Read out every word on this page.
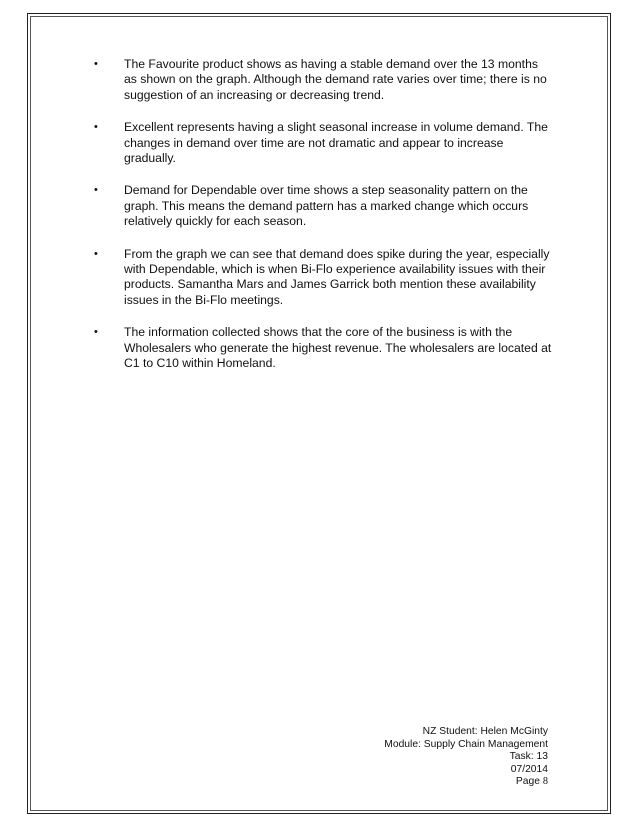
• The Favourite product shows as having a stable demand over the 13 months as shown on the graph. Although the demand rate varies over time; there is no suggestion of an increasing or decreasing trend.
• Excellent represents having a slight seasonal increase in volume demand. The changes in demand over time are not dramatic and appear to increase gradually.
• Demand for Dependable over time shows a step seasonality pattern on the graph. This means the demand pattern has a marked change which occurs relatively quickly for each season.
• From the graph we can see that demand does spike during the year, especially with Dependable, which is when Bi-Flo experience availability issues with their products. Samantha Mars and James Garrick both mention these availability issues in the Bi-Flo meetings.
• The information collected shows that the core of the business is with the Wholesalers who generate the highest revenue. The wholesalers are located at C1 to C10 within Homeland.
NZ Student: Helen McGinty
Module: Supply Chain Management
Task: 13
07/2014
Page 8
